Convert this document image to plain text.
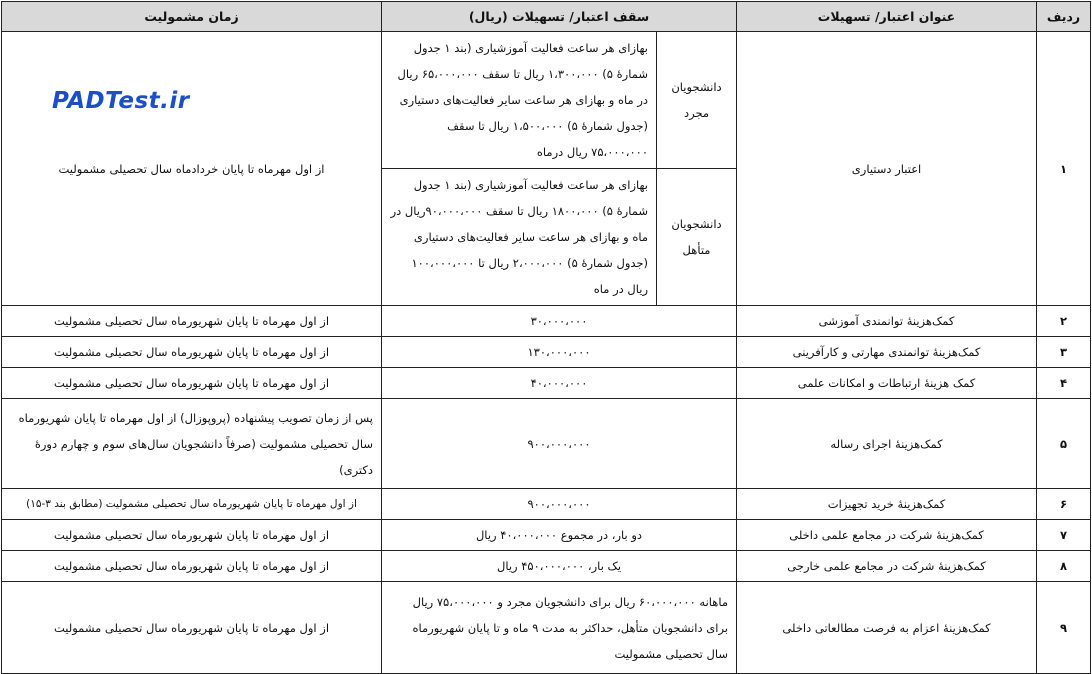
ردیف	عنوان اعتبار/ تسهیلات	سقف اعتبار/ تسهیلات (ریال)		زمان مشمولیت
۱	اعتبار دستیاری	دانشجویان مجرد	بهازای هر ساعت فعالیت آموزشیاری (بند ۱ جدول شمارۀ ۵) ۱،۳۰۰،۰۰۰ ریال تا سقف ۶۵،۰۰۰،۰۰۰ ریال در ماه و بهازای هر ساعت سایر فعالیت‌های دستیاری (جدول شمارۀ ۵) ۱،۵۰۰،۰۰۰ ریال تا سقف ۷۵،۰۰۰،۰۰۰ ریال درماه	از اول مهرماه تا پایان خردادماه سال تحصیلی مشمولیت
		دانشجویان متأهل	بهازای هر ساعت فعالیت آموزشیاری (بند ۱ جدول شمارۀ ۵) ۱۸۰۰،۰۰۰ ریال تا سقف ۹۰،۰۰۰،۰۰۰ریال در ماه و بهازای هر ساعت سایر فعالیت‌های دستیاری (جدول شمارۀ ۵) ۲،۰۰۰،۰۰۰ ریال تا ۱۰۰،۰۰۰،۰۰۰ ریال در ماه	
۲	کمک‌هزینۀ توانمندی آموزشی	۳۰،۰۰۰،۰۰۰		از اول مهرماه تا پایان شهریورماه سال تحصیلی مشمولیت
۳	کمک‌هزینۀ توانمندی مهارتی و کارآفرینی	۱۳۰،۰۰۰،۰۰۰		از اول مهرماه تا پایان شهریورماه سال تحصیلی مشمولیت
۴	کمک هزینۀ ارتباطات و امکانات علمی	۴۰،۰۰۰،۰۰۰		از اول مهرماه تا پایان شهریورماه سال تحصیلی مشمولیت
۵	کمک‌هزینۀ اجرای رساله	۹۰۰،۰۰۰،۰۰۰		پس از زمان تصویب پیشنهاده (پروپوزال) از اول مهرماه تا پایان شهریورماه سال تحصیلی مشمولیت (صرفاً دانشجویان سال‌های سوم و چهارم دورۀ دکتری)
۶	کمک‌هزینۀ خرید تجهیزات	۹۰۰،۰۰۰،۰۰۰		از اول مهرماه تا پایان شهریورماه سال تحصیلی مشمولیت (مطابق بند ۳-۱۵)
۷	کمک‌هزینۀ شرکت در مجامع علمی داخلی	دو بار، در مجموع ۴۰،۰۰۰،۰۰۰ ریال		از اول مهرماه تا پایان شهریورماه سال تحصیلی مشمولیت
۸	کمک‌هزینۀ شرکت در مجامع علمی خارجی	یک بار، ۴۵۰،۰۰۰،۰۰۰ ریال		از اول مهرماه تا پایان شهریورماه سال تحصیلی مشمولیت
۹	کمک‌هزینۀ اعزام به فرصت مطالعاتی داخلی	ماهانه ۶۰،۰۰۰،۰۰۰ ریال برای دانشجویان مجرد و ۷۵،۰۰۰،۰۰۰ ریال برای دانشجویان متأهل، حداکثر به مدت ۹ ماه و تا پایان شهریورماه سال تحصیلی مشمولیت		از اول مهرماه تا پایان شهریورماه سال تحصیلی مشمولیت
PADTest.ir
